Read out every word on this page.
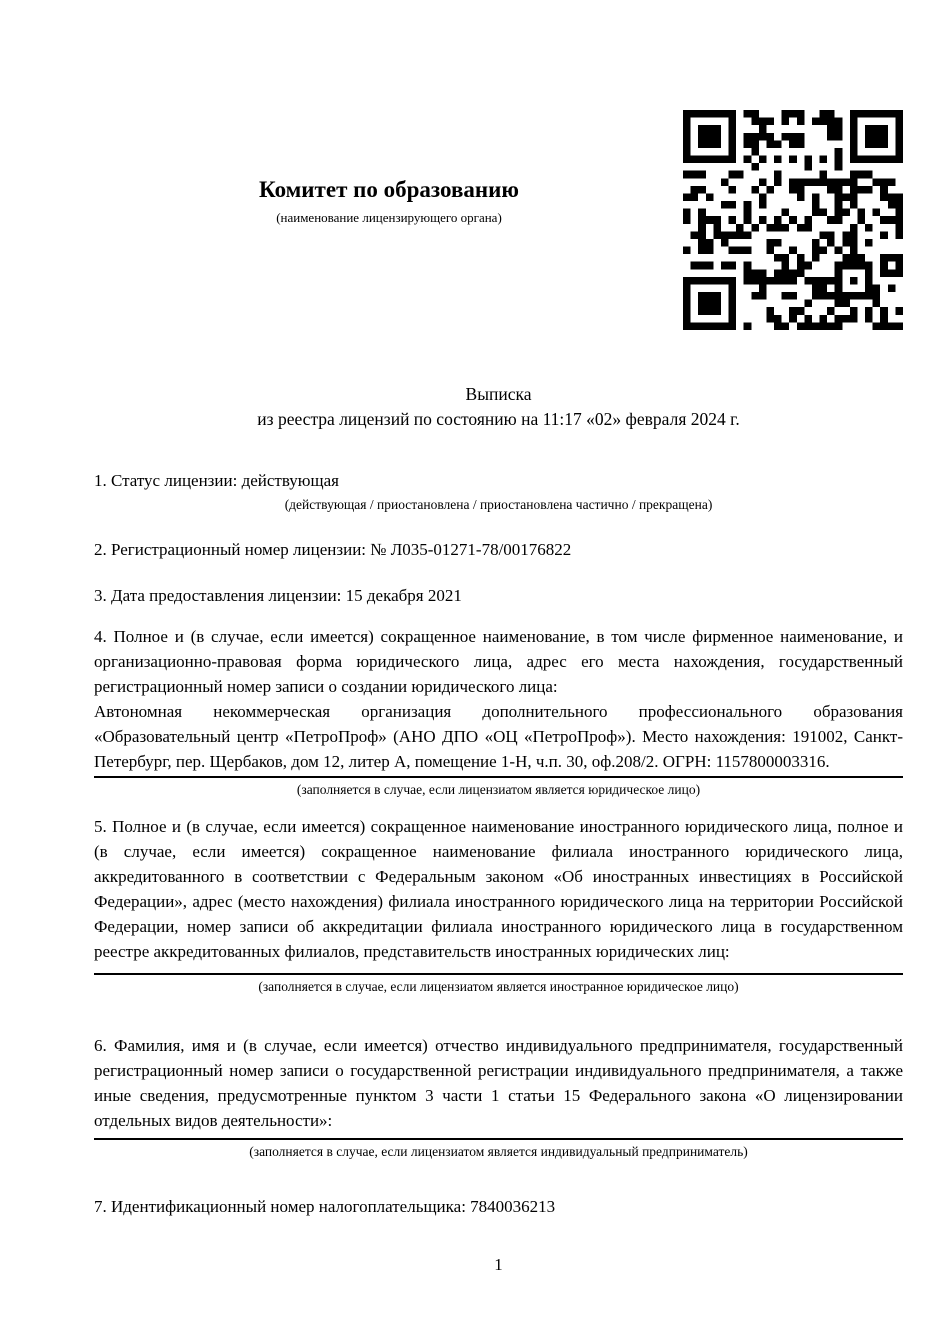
Комитет по образованию

(наименование лицензирующего органа)

Выписка
из реестра лицензий по состоянию на 11:17 «02» февраля 2024 г.

1. Статус лицензии: действующая

(действующая / приостановлена / приостановлена частично / прекращена)

2. Регистрационный номер лицензии: № Л035-01271-78/00176822

3. Дата предоставления лицензии: 15 декабря 2021

4. Полное и (в случае, если имеется) сокращенное наименование, в том числе фирменное наименование, и организационно-правовая форма юридического лица, адрес его места нахождения, государственный регистрационный номер записи о создании юридического лица:

Автономная некоммерческая организация дополнительного профессионального образования «Образовательный центр «ПетроПроф» (АНО ДПО «ОЦ «ПетроПроф»). Место нахождения: 191002, Санкт-Петербург, пер. Щербаков, дом 12, литер А, помещение 1-Н, ч.п. 30, оф.208/2. ОГРН: 1157800003316.

(заполняется в случае, если лицензиатом является юридическое лицо)

5. Полное и (в случае, если имеется) сокращенное наименование иностранного юридического лица, полное и (в случае, если имеется) сокращенное наименование филиала иностранного юридического лица, аккредитованного в соответствии с Федеральным законом «Об иностранных инвестициях в Российской Федерации», адрес (место нахождения) филиала иностранного юридического лица на территории Российской Федерации, номер записи об аккредитации филиала иностранного юридического лица в государственном реестре аккредитованных филиалов, представительств иностранных юридических лиц:

(заполняется в случае, если лицензиатом является иностранное юридическое лицо)

6. Фамилия, имя и (в случае, если имеется) отчество индивидуального предпринимателя, государственный регистрационный номер записи о государственной регистрации индивидуального предпринимателя, а также иные сведения, предусмотренные пунктом 3 части 1 статьи 15 Федерального закона «О лицензировании отдельных видов деятельности»:

(заполняется в случае, если лицензиатом является индивидуальный предприниматель)

7. Идентификационный номер налогоплательщика: 7840036213

1
